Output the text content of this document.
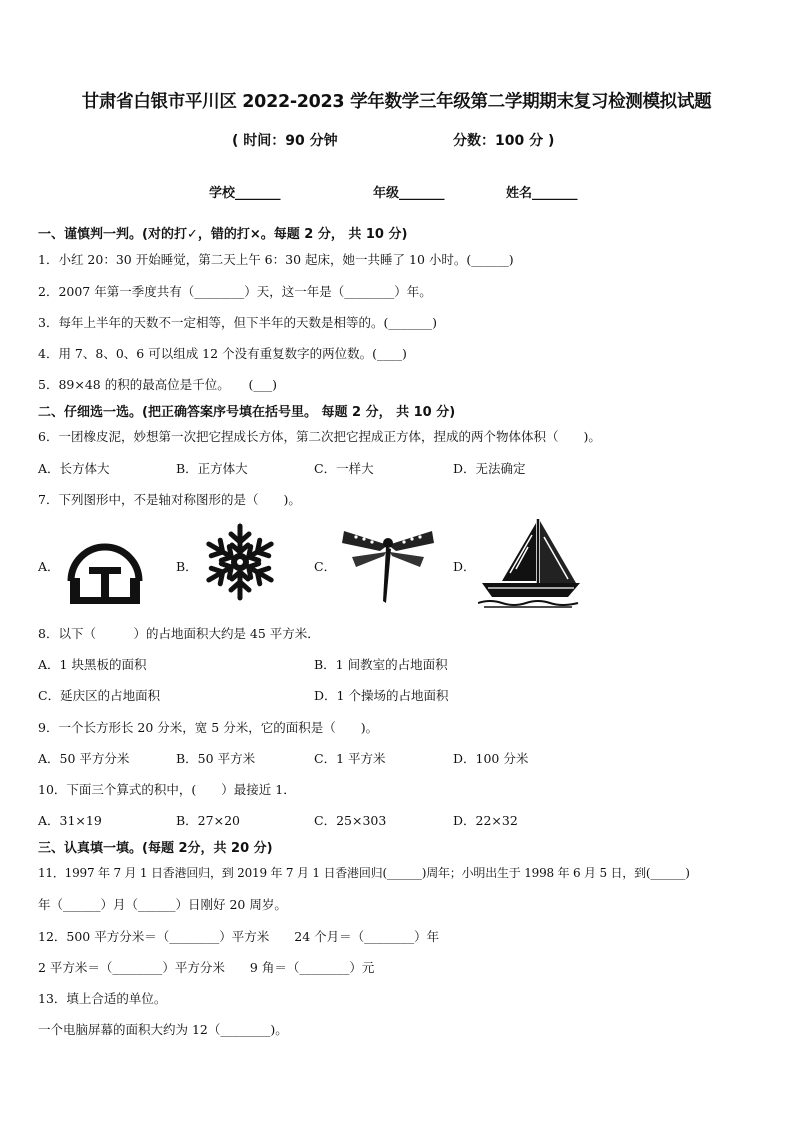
甘肃省白银市平川区 2022-2023 学年数学三年级第二学期期末复习检测模拟试题
( 时间：90 分钟	分数：100 分 )
学校_______	年级_______	姓名_______
一、谨慎判一判。(对的打✓，错的打×。每题 2 分， 共 10 分)
1．小红 20：30 开始睡觉，第二天上午 6：30 起床，她一共睡了 10 小时。(______)
2．2007 年第一季度共有（________）天，这一年是（________）年。
3．每年上半年的天数不一定相等，但下半年的天数是相等的。(_______)
4．用 7、8、0、6 可以组成 12 个没有重复数字的两位数。(____)
5．89×48 的积的最高位是千位。　　(___)
二、仔细选一选。(把正确答案序号填在括号里。 每题 2 分， 共 10 分)
6．一团橡皮泥，妙想第一次把它捏成长方体，第二次把它捏成正方体，捏成的两个物体体积（　　)。
A．长方体大	B．正方体大	C．一样大	D．无法确定
7．下列图形中，不是轴对称图形的是（　　)。
A．	B．	C．	D．
8．以下（　　　）的占地面积大约是 45 平方米．
A．1 块黑板的面积	B．1 间教室的占地面积
C．延庆区的占地面积	D．1 个操场的占地面积
9．一个长方形长 20 分米，宽 5 分米，它的面积是（　　)。
A．50 平方分米	B．50 平方米	C．1 平方米	D．100 分米
10．下面三个算式的积中，(　　）最接近 1．
A．31×19	B．27×20	C．25×303	D．22×32
三、认真填一填。(每题 2分，共 20 分)
11．1997 年 7 月 1 日香港回归，到 2019 年 7 月 1 日香港回归(______)周年；小明出生于 1998 年 6 月 5 日，到(______)
年（______）月（______）日刚好 20 周岁。
12．500 平方分米＝（________）平方米　　24 个月＝（________）年
2 平方米＝（________）平方分米　　9 角＝（________）元
13．填上合适的单位。
一个电脑屏幕的面积大约为 12（________)。
